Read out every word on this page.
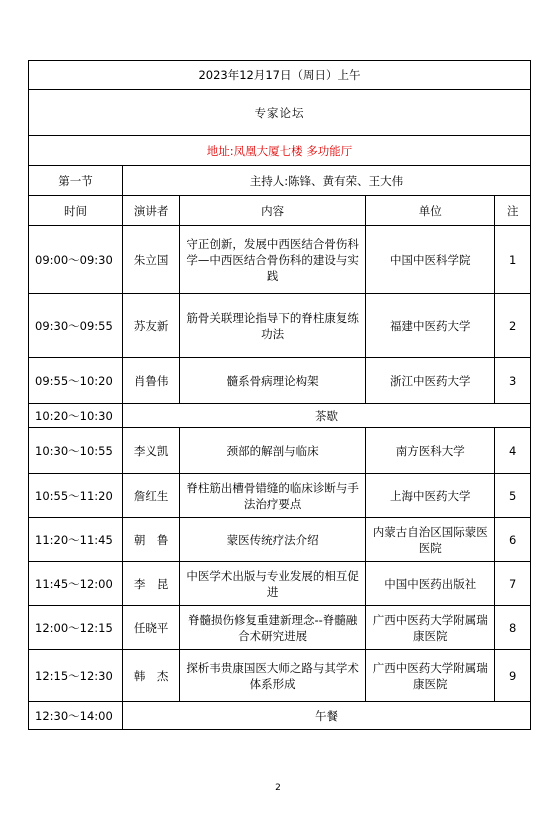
2023年12月17日（周日）上午				
专家论坛				
地址:凤凰大厦七楼 多功能厅				
第一节	主持人:陈锋、黄有荣、王大伟			
时间	演讲者	内容	单位	注
09:00～09:30	朱立国	守正创新，发展中西医结合骨伤科学—中西医结合骨伤科的建设与实践	中国中医科学院	1
09:30～09:55	苏友新	筋骨关联理论指导下的脊柱康复练功法	福建中医药大学	2
09:55～10:20	肖鲁伟	髓系骨病理论构架	浙江中医药大学	3
10:20～10:30	茶歇			
10:30～10:55	李义凯	颈部的解剖与临床	南方医科大学	4
10:55～11:20	詹红生	脊柱筋出槽骨错缝的临床诊断与手法治疗要点	上海中医药大学	5
11:20～11:45	朝　鲁	蒙医传统疗法介绍	内蒙古自治区国际蒙医医院	6
11:45～12:00	李　昆	中医学术出版与专业发展的相互促进	中国中医药出版社	7
12:00～12:15	任晓平	脊髓损伤修复重建新理念--脊髓融合术研究进展	广西中医药大学附属瑞康医院	8
12:15～12:30	韩　杰	探析韦贵康国医大师之路与其学术体系形成	广西中医药大学附属瑞康医院	9
12:30～14:00	午餐			
2
